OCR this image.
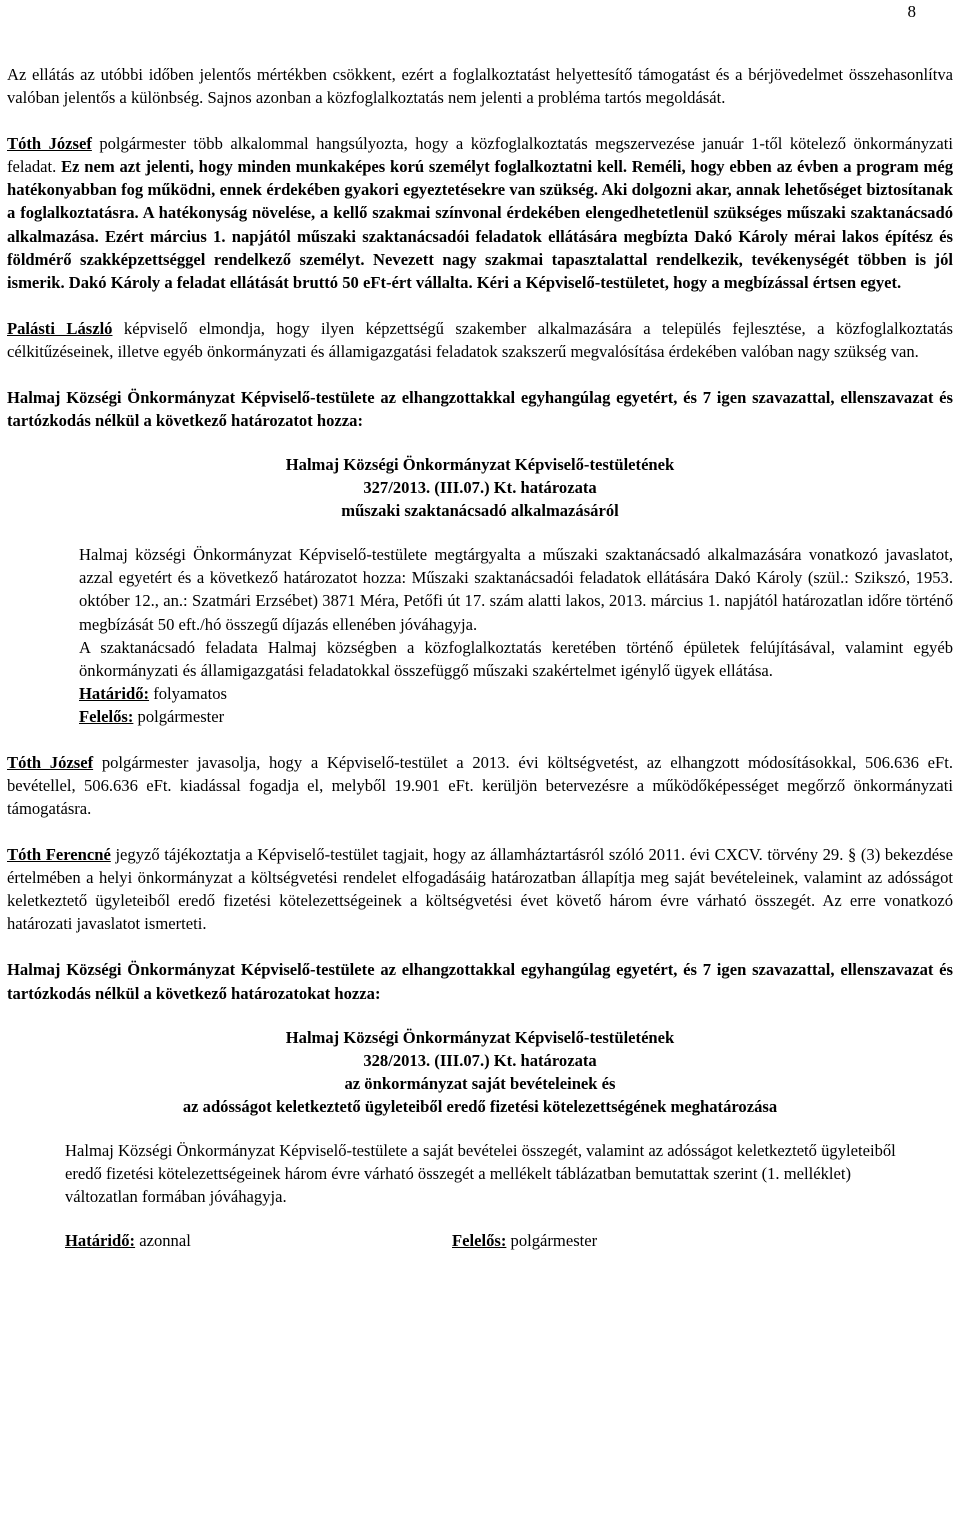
8

Az ellátás az utóbbi időben jelentős mértékben csökkent, ezért a foglalkoztatást helyettesítő támogatást és a bérjövedelmet összehasonlítva valóban jelentős a különbség. Sajnos azonban a közfoglalkoztatás nem jelenti a probléma tartós megoldását.

Tóth József polgármester több alkalommal hangsúlyozta, hogy a közfoglalkoztatás megszervezése január 1-től kötelező önkormányzati feladat. Ez nem azt jelenti, hogy minden munkaképes korú személyt foglalkoztatni kell. Reméli, hogy ebben az évben a program még hatékonyabban fog működni, ennek érdekében gyakori egyeztetésekre van szükség. Aki dolgozni akar, annak lehetőséget biztosítanak a foglalkoztatásra. A hatékonyság növelése, a kellő szakmai színvonal érdekében elengedhetetlenül szükséges műszaki szaktanácsadó alkalmazása. Ezért március 1. napjától műszaki szaktanácsadói feladatok ellátására megbízta Dakó Károly mérai lakos építész és földmérő szakképzettséggel rendelkező személyt. Nevezett nagy szakmai tapasztalattal rendelkezik, tevékenységét többen is jól ismerik. Dakó Károly a feladat ellátását bruttó 50 eFt-ért vállalta. Kéri a Képviselő-testületet, hogy a megbízással értsen egyet.

Palásti László képviselő elmondja, hogy ilyen képzettségű szakember alkalmazására a település fejlesztése, a közfoglalkoztatás célkitűzéseinek, illetve egyéb önkormányzati és államigazgatási feladatok szakszerű megvalósítása érdekében valóban nagy szükség van.

Halmaj Községi Önkormányzat Képviselő-testülete az elhangzottakkal egyhangúlag egyetért, és 7 igen szavazattal, ellenszavazat és tartózkodás nélkül a következő határozatot hozza:

Halmaj Községi Önkormányzat Képviselő-testületének

327/2013. (III.07.) Kt. határozata

műszaki szaktanácsadó alkalmazásáról

Halmaj községi Önkormányzat Képviselő-testülete megtárgyalta a műszaki szaktanácsadó alkalmazására vonatkozó javaslatot, azzal egyetért és a következő határozatot hozza: Műszaki szaktanácsadói feladatok ellátására Dakó Károly (szül.: Szikszó, 1953. október 12., an.: Szatmári Erzsébet) 3871 Méra, Petőfi út 17. szám alatti lakos, 2013. március 1. napjától határozatlan időre történő megbízását 50 eft./hó összegű díjazás ellenében jóváhagyja.

A szaktanácsadó feladata Halmaj községben a közfoglalkoztatás keretében történő épületek felújításával, valamint egyéb önkormányzati és államigazgatási feladatokkal összefüggő műszaki szakértelmet igénylő ügyek ellátása.

Határidő: folyamatos

Felelős: polgármester

Tóth József polgármester javasolja, hogy a Képviselő-testület a 2013. évi költségvetést, az elhangzott módosításokkal, 506.636 eFt. bevétellel, 506.636 eFt. kiadással fogadja el, melyből 19.901 eFt. kerüljön betervezésre a működőképességet megőrző önkormányzati támogatásra.

Tóth Ferencné jegyző tájékoztatja a Képviselő-testület tagjait, hogy az államháztartásról szóló 2011. évi CXCV. törvény 29. § (3) bekezdése értelmében a helyi önkormányzat a költségvetési rendelet elfogadásáig határozatban állapítja meg saját bevételeinek, valamint az adósságot keletkeztető ügyleteiből eredő fizetési kötelezettségeinek a költségvetési évet követő három évre várható összegét. Az erre vonatkozó határozati javaslatot ismerteti.

Halmaj Községi Önkormányzat Képviselő-testülete az elhangzottakkal egyhangúlag egyetért, és 7 igen szavazattal, ellenszavazat és tartózkodás nélkül a következő határozatokat hozza:

Halmaj Községi Önkormányzat Képviselő-testületének

328/2013. (III.07.) Kt. határozata

az önkormányzat saját bevételeinek és

az adósságot keletkeztető ügyleteiből eredő fizetési kötelezettségének meghatározása

Halmaj Községi Önkormányzat Képviselő-testülete a saját bevételei összegét, valamint az adósságot keletkeztető ügyleteiből eredő fizetési kötelezettségeinek három évre várható összegét a mellékelt táblázatban bemutattak szerint (1. melléklet) változatlan formában jóváhagyja.

Határidő: azonnal	Felelős: polgármester
